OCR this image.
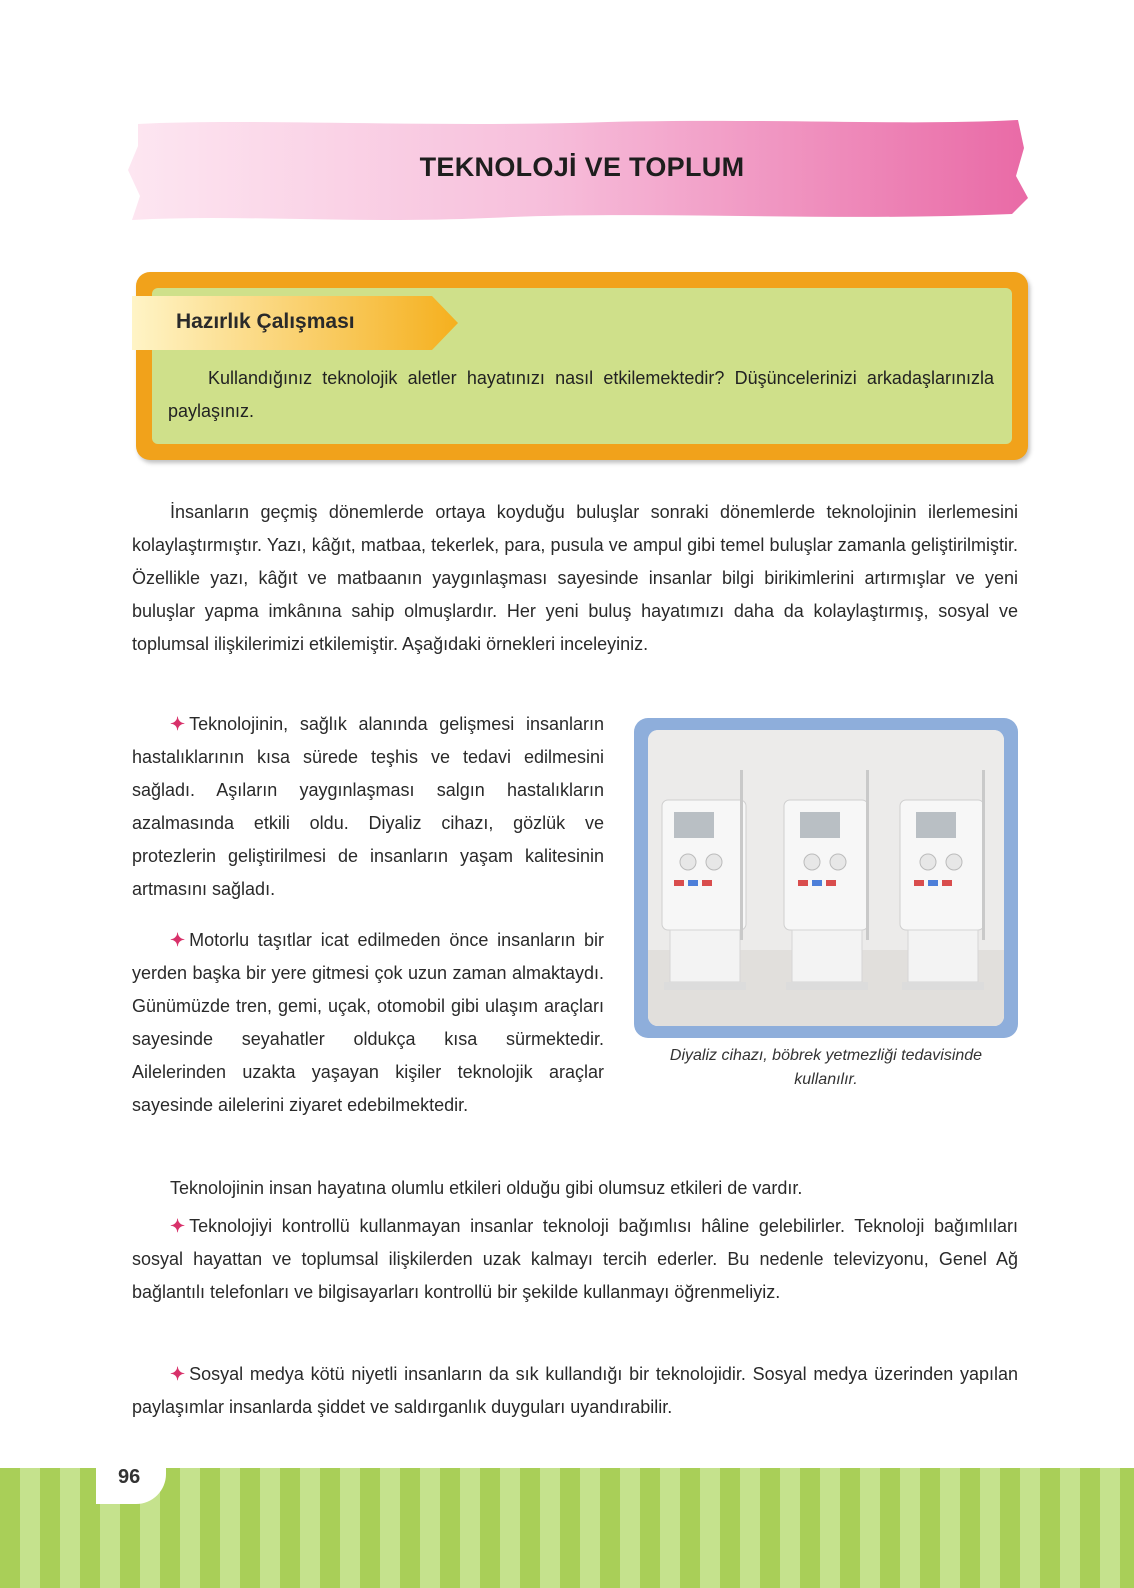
TEKNOLOJİ VE TOPLUM
Hazırlık Çalışması
Kullandığınız teknolojik aletler hayatınızı nasıl etkilemektedir? Düşüncelerinizi arkadaşlarınızla paylaşınız.
İnsanların geçmiş dönemlerde ortaya koyduğu buluşlar sonraki dönemlerde teknolojinin ilerlemesini kolaylaştırmıştır. Yazı, kâğıt, matbaa, tekerlek, para, pusula ve ampul gibi temel buluşlar zamanla geliştirilmiştir. Özellikle yazı, kâğıt ve matbaanın yaygınlaşması sayesinde insanlar bilgi birikimlerini artırmışlar ve yeni buluşlar yapma imkânına sahip olmuşlardır. Her yeni buluş hayatımızı daha da kolaylaştırmış, sosyal ve toplumsal ilişkilerimizi etkilemiştir. Aşağıdaki örnekleri inceleyiniz.
✦ Teknolojinin, sağlık alanında gelişmesi insanların hastalıklarının kısa sürede teşhis ve tedavi edilmesini sağladı. Aşıların yaygınlaşması salgın hastalıkların azalmasında etkili oldu. Diyaliz cihazı, gözlük ve protezlerin geliştirilmesi de insanların yaşam kalitesinin artmasını sağladı.
✦ Motorlu taşıtlar icat edilmeden önce insanların bir yerden başka bir yere gitmesi çok uzun zaman almaktaydı. Günümüzde tren, gemi, uçak, otomobil gibi ulaşım araçları sayesinde seyahatler oldukça kısa sürmektedir. Ailelerinden uzakta yaşayan kişiler teknolojik araçlar sayesinde ailelerini ziyaret edebilmektedir.
Diyaliz cihazı, böbrek yetmezliği tedavisinde kullanılır.
Teknolojinin insan hayatına olumlu etkileri olduğu gibi olumsuz etkileri de vardır.
✦ Teknolojiyi kontrollü kullanmayan insanlar teknoloji bağımlısı hâline gelebilirler. Teknoloji bağımlıları sosyal hayattan ve toplumsal ilişkilerden uzak kalmayı tercih ederler. Bu nedenle televizyonu, Genel Ağ bağlantılı telefonları ve bilgisayarları kontrollü bir şekilde kullanmayı öğrenmeliyiz.
✦ Sosyal medya kötü niyetli insanların da sık kullandığı bir teknolojidir. Sosyal medya üzerinden yapılan paylaşımlar insanlarda şiddet ve saldırganlık duyguları uyandırabilir.
96
